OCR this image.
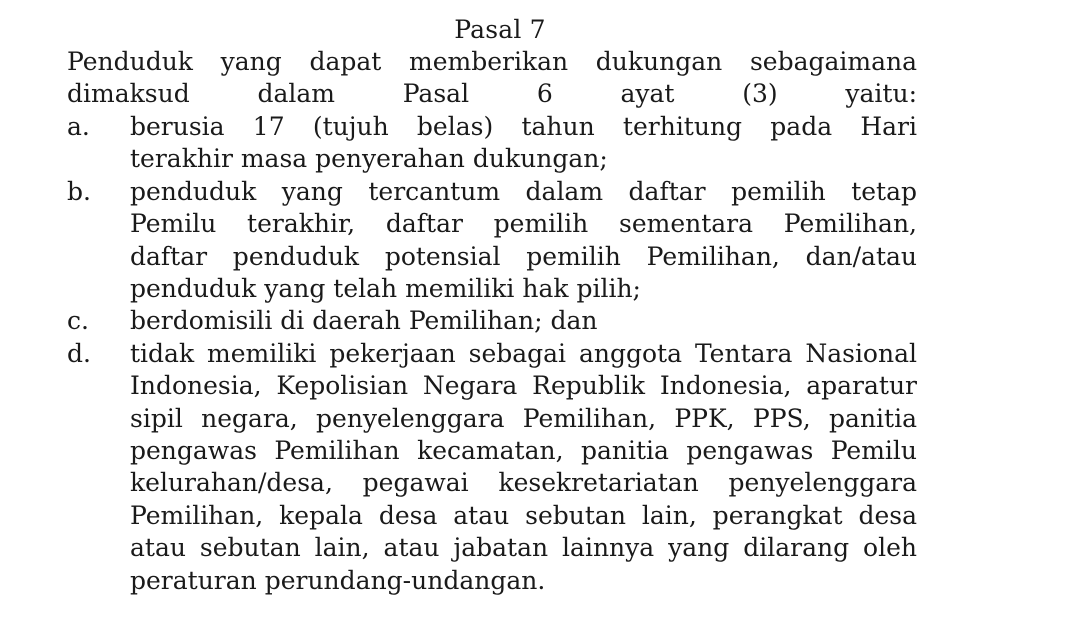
Pasal 7
Penduduk yang dapat memberikan dukungan sebagaimana
dimaksud dalam Pasal 6 ayat (3) yaitu:
a. berusia 17 (tujuh belas) tahun terhitung pada Hari
terakhir masa penyerahan dukungan;
b. penduduk yang tercantum dalam daftar pemilih tetap
Pemilu terakhir, daftar pemilih sementara Pemilihan,
daftar penduduk potensial pemilih Pemilihan, dan/atau
penduduk yang telah memiliki hak pilih;
c. berdomisili di daerah Pemilihan; dan
d. tidak memiliki pekerjaan sebagai anggota Tentara Nasional
Indonesia, Kepolisian Negara Republik Indonesia, aparatur
sipil negara, penyelenggara Pemilihan, PPK, PPS, panitia
pengawas Pemilihan kecamatan, panitia pengawas Pemilu
kelurahan/desa, pegawai kesekretariatan penyelenggara
Pemilihan, kepala desa atau sebutan lain, perangkat desa
atau sebutan lain, atau jabatan lainnya yang dilarang oleh
peraturan perundang-undangan.
